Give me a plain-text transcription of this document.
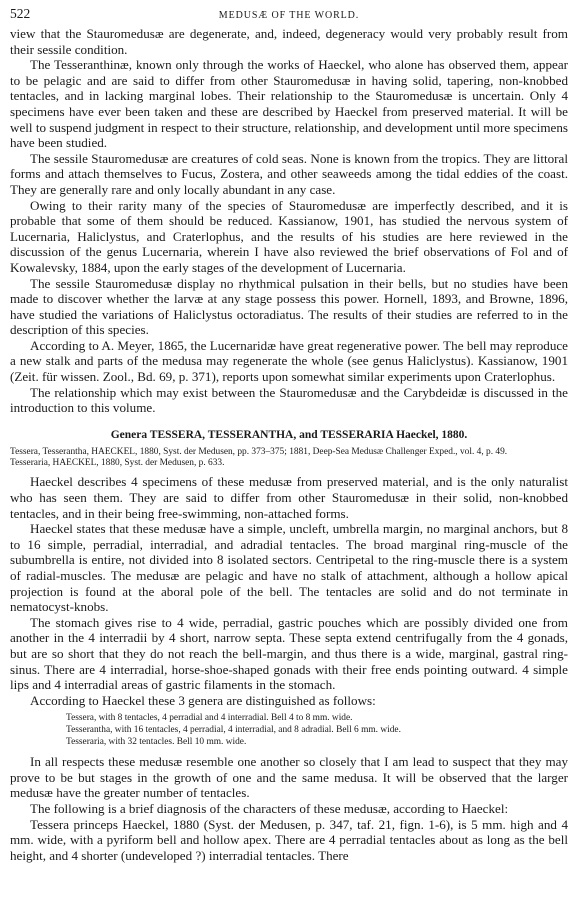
522	MEDUSÆ OF THE WORLD.

view that the Stauromedusæ are degenerate, and, indeed, degeneracy would very probably result from their sessile condition.

The Tesseranthinæ, known only through the works of Haeckel, who alone has observed them, appear to be pelagic and are said to differ from other Stauromedusæ in having solid, tapering, non-knobbed tentacles, and in lacking marginal lobes. Their relationship to the Stauromedusæ is uncertain. Only 4 specimens have ever been taken and these are described by Haeckel from preserved material. It will be well to suspend judgment in respect to their structure, relationship, and development until more specimens have been studied.

The sessile Stauromedusæ are creatures of cold seas. None is known from the tropics. They are littoral forms and attach themselves to Fucus, Zostera, and other seaweeds among the tidal eddies of the coast. They are generally rare and only locally abundant in any case.

Owing to their rarity many of the species of Stauromedusæ are imperfectly described, and it is probable that some of them should be reduced. Kassianow, 1901, has studied the nervous system of Lucernaria, Haliclystus, and Craterlophus, and the results of his studies are here reviewed in the discussion of the genus Lucernaria, wherein I have also reviewed the brief observations of Fol and of Kowalevsky, 1884, upon the early stages of the development of Lucernaria.

The sessile Stauromedusæ display no rhythmical pulsation in their bells, but no studies have been made to discover whether the larvæ at any stage possess this power. Hornell, 1893, and Browne, 1896, have studied the variations of Haliclystus octoradiatus. The results of their studies are referred to in the description of this species.

According to A. Meyer, 1865, the Lucernaridæ have great regenerative power. The bell may reproduce a new stalk and parts of the medusa may regenerate the whole (see genus Haliclystus). Kassianow, 1901 (Zeit. für wissen. Zool., Bd. 69, p. 371), reports upon somewhat similar experiments upon Craterlophus.

The relationship which may exist between the Stauromedusæ and the Carybdeidæ is discussed in the introduction to this volume.

Genera TESSERA, TESSERANTHA, and TESSERARIA Haeckel, 1880.
Tessera, Tesserantha, HAECKEL, 1880, Syst. der Medusen, pp. 373–375; 1881, Deep-Sea Medusæ Challenger Exped., vol. 4, p. 49.
Tesseraria, HAECKEL, 1880, Syst. der Medusen, p. 633.

Haeckel describes 4 specimens of these medusæ from preserved material, and is the only naturalist who has seen them. They are said to differ from other Stauromedusæ in their solid, non-knobbed tentacles, and in their being free-swimming, non-attached forms.

Haeckel states that these medusæ have a simple, uncleft, umbrella margin, no marginal anchors, but 8 to 16 simple, perradial, interradial, and adradial tentacles. The broad marginal ring-muscle of the subumbrella is entire, not divided into 8 isolated sectors. Centripetal to the ring-muscle there is a system of radial-muscles. The medusæ are pelagic and have no stalk of attachment, although a hollow apical projection is found at the aboral pole of the bell. The tentacles are solid and do not terminate in nematocyst-knobs.

The stomach gives rise to 4 wide, perradial, gastric pouches which are possibly divided one from another in the 4 interradii by 4 short, narrow septa. These septa extend centrifugally from the 4 gonads, but are so short that they do not reach the bell-margin, and thus there is a wide, marginal, gastral ring-sinus. There are 4 interradial, horse-shoe-shaped gonads with their free ends pointing outward. 4 simple lips and 4 interradial areas of gastric filaments in the stomach.

According to Haeckel these 3 genera are distinguished as follows:

Tessera, with 8 tentacles, 4 perradial and 4 interradial. Bell 4 to 8 mm. wide.
Tesserantha, with 16 tentacles, 4 perradial, 4 interradial, and 8 adradial. Bell 6 mm. wide.
Tesseraria, with 32 tentacles. Bell 10 mm. wide.

In all respects these medusæ resemble one another so closely that I am lead to suspect that they may prove to be but stages in the growth of one and the same medusa. It will be observed that the larger medusæ have the greater number of tentacles.

The following is a brief diagnosis of the characters of these medusæ, according to Haeckel:

Tessera princeps Haeckel, 1880 (Syst. der Medusen, p. 347, taf. 21, fign. 1-6), is 5 mm. high and 4 mm. wide, with a pyriform bell and hollow apex. There are 4 perradial tentacles about as long as the bell height, and 4 shorter (undeveloped ?) interradial tentacles. There
